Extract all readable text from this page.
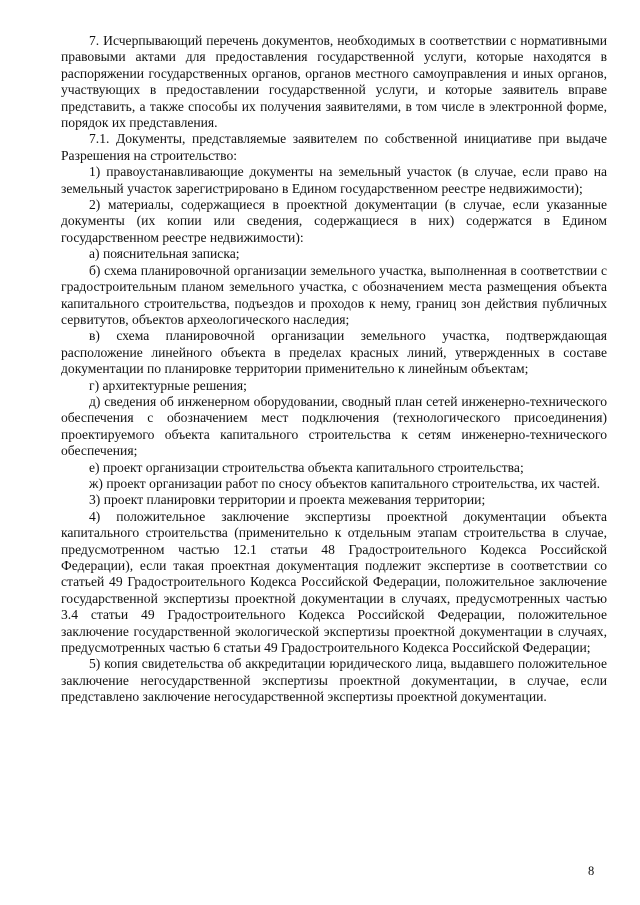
7. Исчерпывающий перечень документов, необходимых в соответствии с нормативными правовыми актами для предоставления государственной услуги, которые находятся в распоряжении государственных органов, органов местного самоуправления и иных органов, участвующих в предоставлении государственной услуги, и которые заявитель вправе представить, а также способы их получения заявителями, в том числе в электронной форме, порядок их представления.

7.1. Документы, представляемые заявителем по собственной инициативе при выдаче Разрешения на строительство:

1) правоустанавливающие документы на земельный участок (в случае, если право на земельный участок зарегистрировано в Едином государственном реестре недвижимости);

2) материалы, содержащиеся в проектной документации (в случае, если указанные документы (их копии или сведения, содержащиеся в них) содержатся в Едином государственном реестре недвижимости):

а) пояснительная записка;

б) схема планировочной организации земельного участка, выполненная в соответствии с градостроительным планом земельного участка, с обозначением места размещения объекта капитального строительства, подъездов и проходов к нему, границ зон действия публичных сервитутов, объектов археологического наследия;

в) схема планировочной организации земельного участка, подтверждающая расположение линейного объекта в пределах красных линий, утвержденных в составе документации по планировке территории применительно к линейным объектам;

г) архитектурные решения;

д) сведения об инженерном оборудовании, сводный план сетей инженерно-технического обеспечения с обозначением мест подключения (технологического присоединения) проектируемого объекта капитального строительства к сетям инженерно-технического обеспечения;

е) проект организации строительства объекта капитального строительства;

ж) проект организации работ по сносу объектов капитального строительства, их частей.

3) проект планировки территории и проекта межевания территории;

4) положительное заключение экспертизы проектной документации объекта капитального строительства (применительно к отдельным этапам строительства в случае, предусмотренном частью 12.1 статьи 48 Градостроительного Кодекса Российской Федерации), если такая проектная документация подлежит экспертизе в соответствии со статьей 49 Градостроительного Кодекса Российской Федерации, положительное заключение государственной экспертизы проектной документации в случаях, предусмотренных частью 3.4 статьи 49 Градостроительного Кодекса Российской Федерации, положительное заключение государственной экологической экспертизы проектной документации в случаях, предусмотренных частью 6 статьи 49 Градостроительного Кодекса Российской Федерации;

5) копия свидетельства об аккредитации юридического лица, выдавшего положительное заключение негосударственной экспертизы проектной документации, в случае, если представлено заключение негосударственной экспертизы проектной документации.

8
